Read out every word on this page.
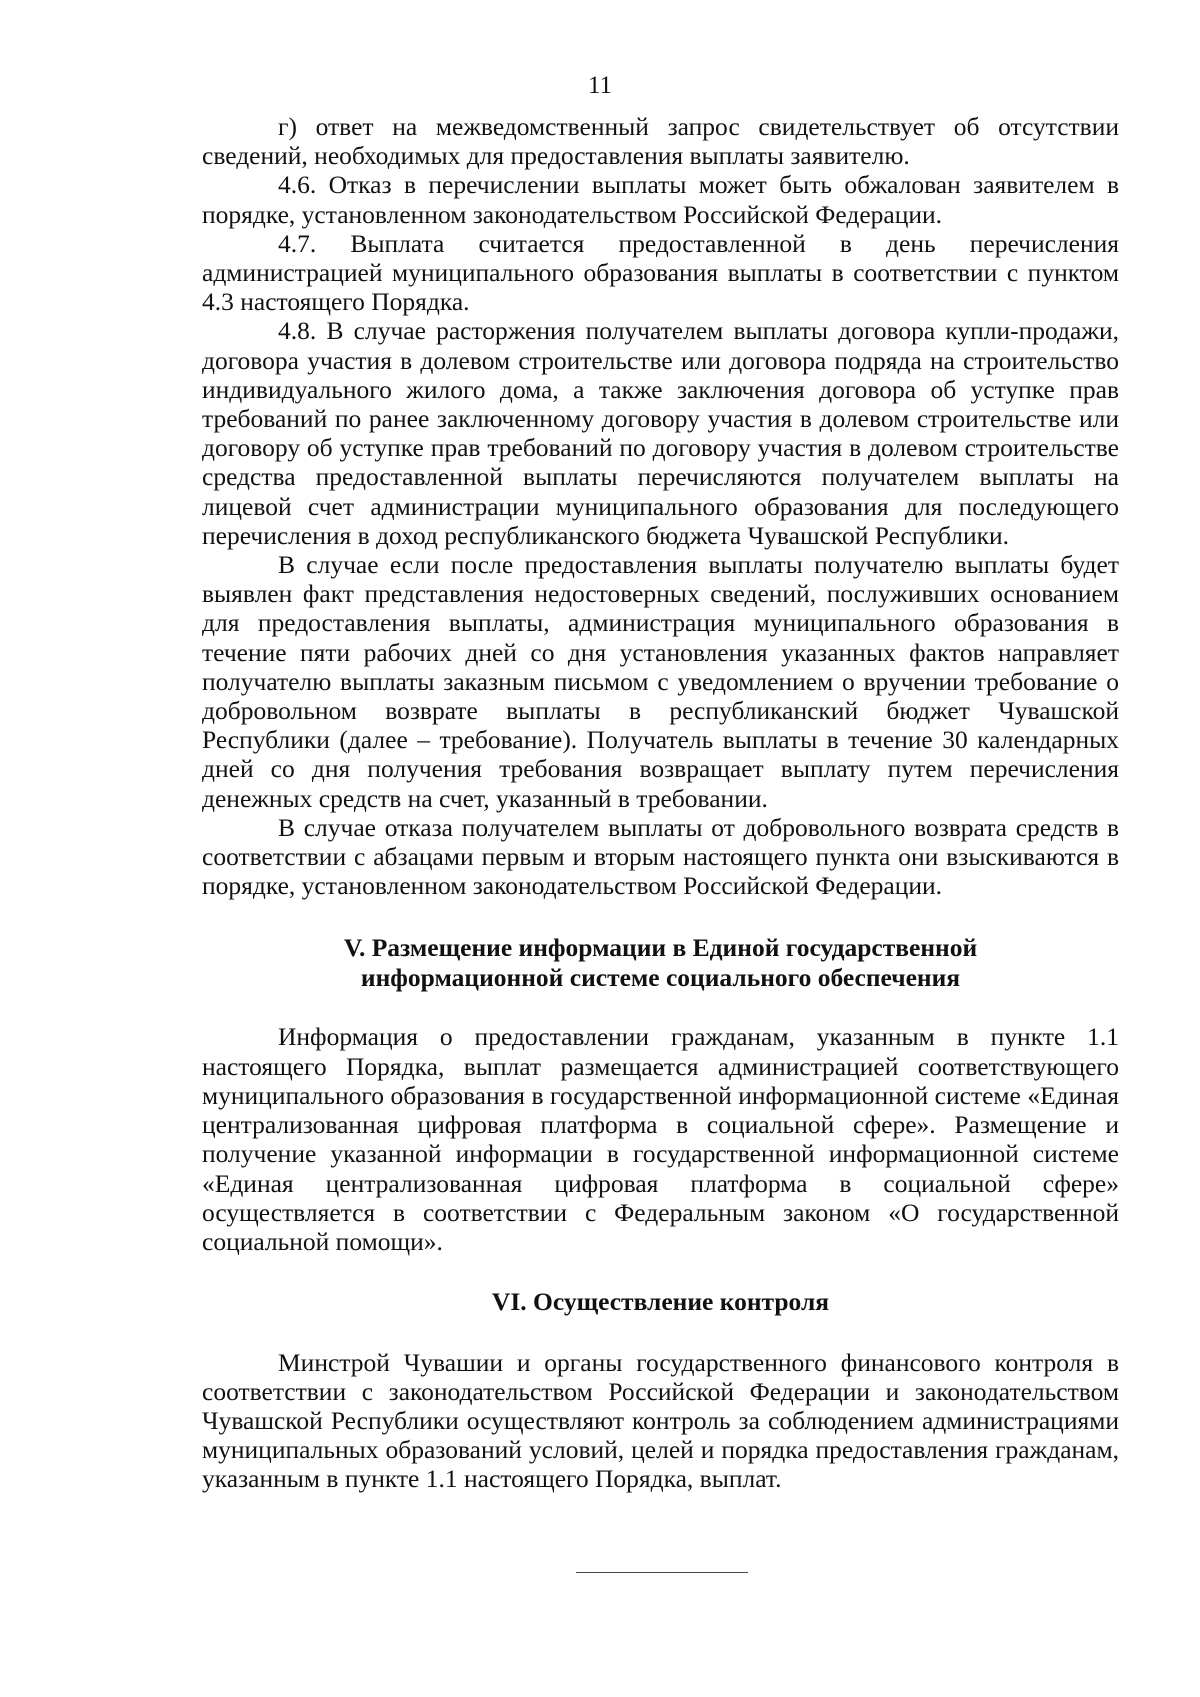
11

г) ответ на межведомственный запрос свидетельствует об отсутствии сведений, необходимых для предоставления выплаты заявителю.

4.6. Отказ в перечислении выплаты может быть обжалован заявителем в порядке, установленном законодательством Российской Федерации.

4.7. Выплата считается предоставленной в день перечисления администрацией муниципального образования выплаты в соответствии с пунктом 4.3 настоящего Порядка.

4.8. В случае расторжения получателем выплаты договора купли-продажи, договора участия в долевом строительстве или договора подряда на строительство индивидуального жилого дома, а также заключения договора об уступке прав требований по ранее заключенному договору участия в долевом строительстве или договору об уступке прав требований по договору участия в долевом строительстве средства предоставленной выплаты перечисляются получателем выплаты на лицевой счет администрации муниципального образования для последующего перечисления в доход республиканского бюджета Чувашской Республики.

В случае если после предоставления выплаты получателю выплаты будет выявлен факт представления недостоверных сведений, послуживших основанием для предоставления выплаты, администрация муниципального образования в течение пяти рабочих дней со дня установления указанных фактов направляет получателю выплаты заказным письмом с уведомлением о вручении требование о добровольном возврате выплаты в республиканский бюджет Чувашской Республики (далее – требование). Получатель выплаты в течение 30 календарных дней со дня получения требования возвращает выплату путем перечисления денежных средств на счет, указанный в требовании.

В случае отказа получателем выплаты от добровольного возврата средств в соответствии с абзацами первым и вторым настоящего пункта они взыскиваются в порядке, установленном законодательством Российской Федерации.

V. Размещение информации в Единой государственной

информационной системе социального обеспечения

Информация о предоставлении гражданам, указанным в пункте 1.1 настоящего Порядка, выплат размещается администрацией соответствующего муниципального образования в государственной информационной системе «Единая централизованная цифровая платформа в социальной сфере». Размещение и получение указанной информации в государственной информационной системе «Единая централизованная цифровая платформа в социальной сфере» осуществляется в соответствии с Федеральным законом «О государственной социальной помощи».

VI. Осуществление контроля

Минстрой Чувашии и органы государственного финансового контроля в соответствии с законодательством Российской Федерации и законодательством Чувашской Республики осуществляют контроль за соблюдением администрациями муниципальных образований условий, целей и порядка предоставления гражданам, указанным в пункте 1.1 настоящего Порядка, выплат.
